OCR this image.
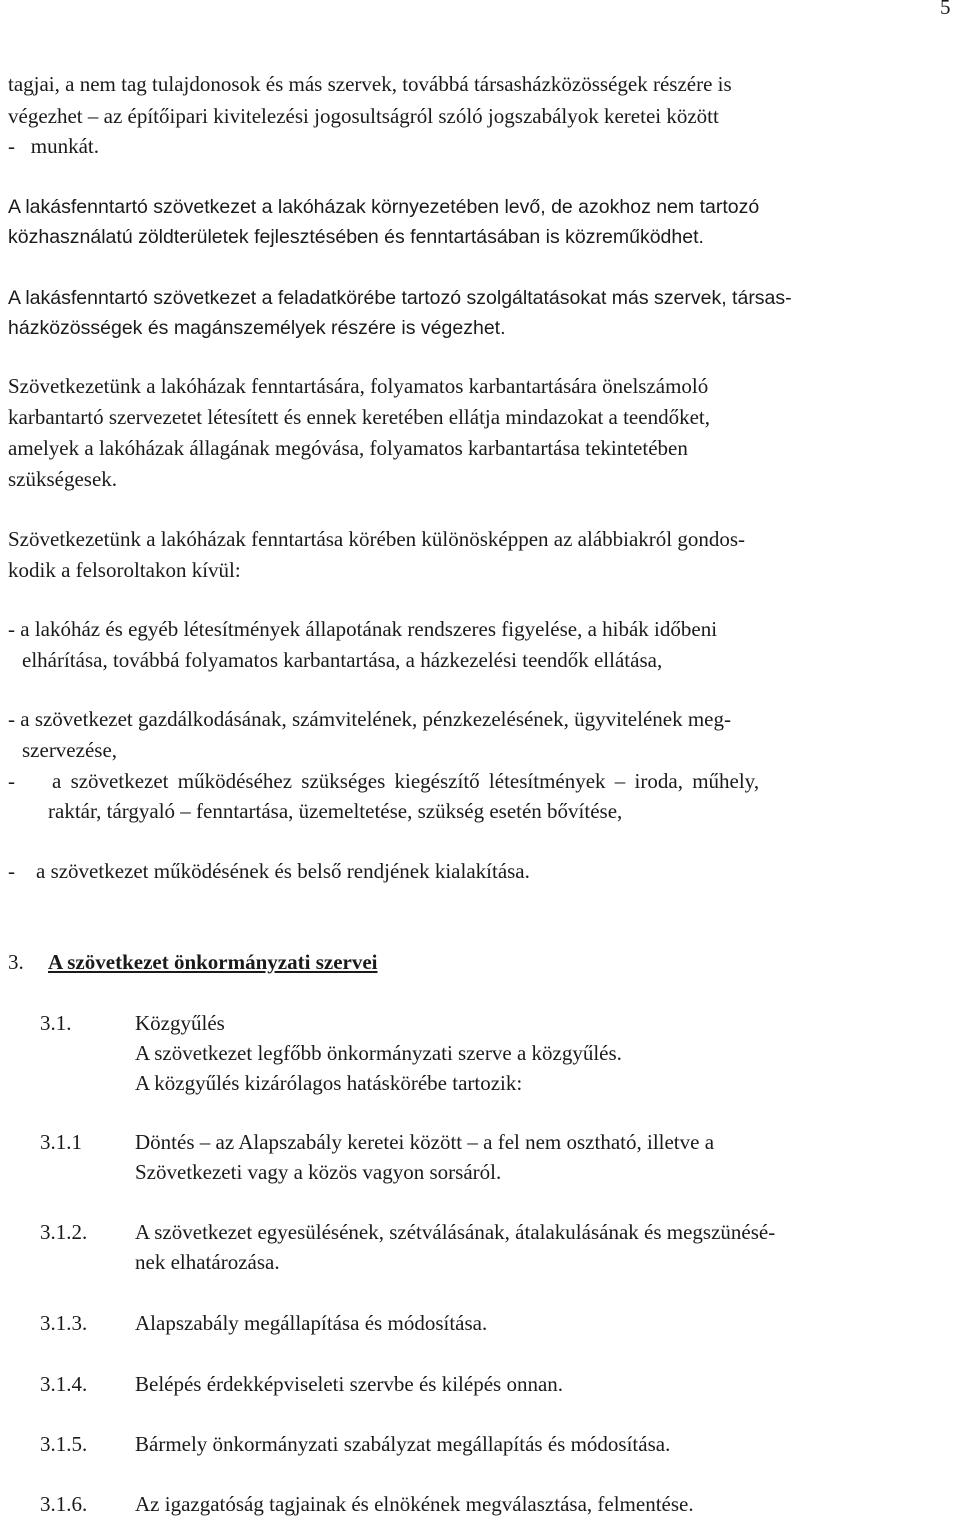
5
tagjai, a nem tag tulajdonosok és más szervek, továbbá társasházközösségek részére is
végezhet – az építőipari kivitelezési jogosultságról szóló jogszabályok keretei között
-   munkát.
A lakásfenntartó szövetkezet a lakóházak környezetében levő, de azokhoz nem tartozó
közhasználatú zöldterületek fejlesztésében és fenntartásában is közreműködhet.
A lakásfenntartó szövetkezet a feladatkörébe tartozó szolgáltatásokat más szervek, társas-
házközösségek és magánszemélyek részére is végezhet.
Szövetkezetünk a lakóházak fenntartására, folyamatos karbantartására önelszámoló
karbantartó szervezetet létesített és ennek keretében ellátja mindazokat a teendőket,
amelyek a lakóházak állagának megóvása, folyamatos karbantartása tekintetében
szükségesek.
Szövetkezetünk a lakóházak fenntartása körében különösképpen az alábbiakról gondos-
kodik a felsoroltakon kívül:
- a lakóház és egyéb létesítmények állapotának rendszeres figyelése, a hibák időbeni
elhárítása, továbbá folyamatos karbantartása, a házkezelési teendők ellátása,
- a szövetkezet gazdálkodásának, számvitelének, pénzkezelésének, ügyvitelének meg-
szervezése,
-    a szövetkezet működéséhez szükséges kiegészítő létesítmények – iroda, műhely,
raktár, tárgyaló – fenntartása, üzemeltetése, szükség esetén bővítése,
-    a szövetkezet működésének és belső rendjének kialakítása.
3. A szövetkezet önkormányzati szervei
3.1.	Közgyűlés
A szövetkezet legfőbb önkormányzati szerve a közgyűlés.
A közgyűlés kizárólagos hatáskörébe tartozik:
3.1.1	Döntés – az Alapszabály keretei között – a fel nem osztható, illetve a
Szövetkezeti vagy a közös vagyon sorsáról.
3.1.2. A szövetkezet egyesülésének, szétválásának, átalakulásának és megszünésé-
nek elhatározása.
3.1.3. Alapszabály megállapítása és módosítása.
3.1.4. Belépés érdekképviseleti szervbe és kilépés onnan.
3.1.5. Bármely önkormányzati szabályzat megállapítás és módosítása.
3.1.6. Az igazgatóság tagjainak és elnökének megválasztása, felmentése.
